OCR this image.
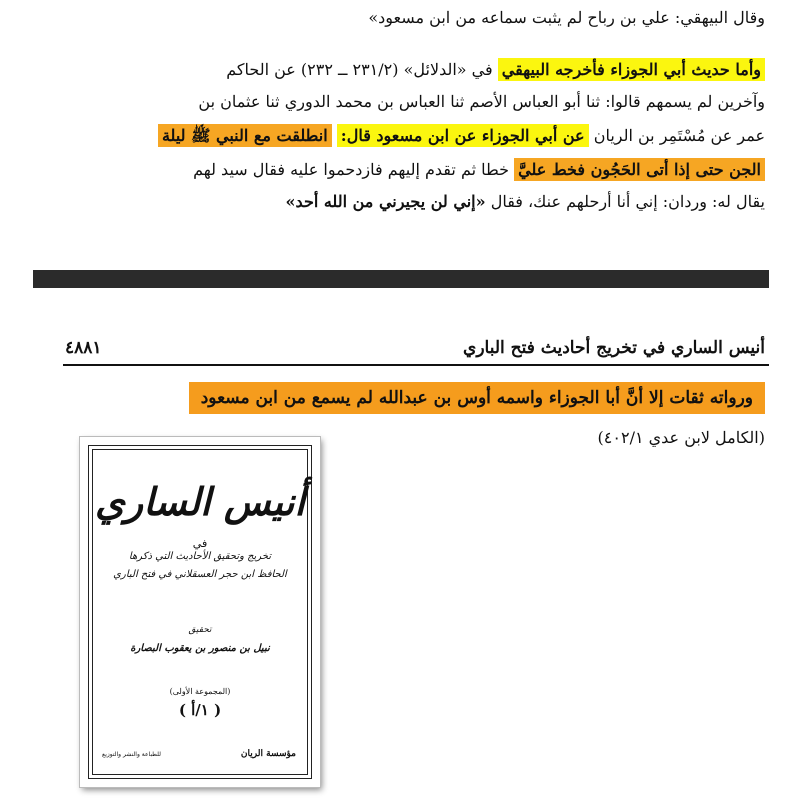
وقال البيهقي: علي بن رباح لم يثبت سماعه من ابن مسعود»
وأما حديث أبي الجوزاء فأخرجه البيهقي في «الدلائل» (٢٣١/٢ ــ ٢٣٢) عن الحاكم
وآخرين لم يسمهم قالوا: ثنا أبو العباس الأصم ثنا العباس بن محمد الدوري ثنا عثمان بن
عمر عن مُسْتَمِر بن الريان عن أبي الجوزاء عن ابن مسعود قال: انطلقت مع النبي ﷺ ليلة
الجن حتى إذا أتى الحَجُون فخط عليَّ خطا ثم تقدم إليهم فازدحموا عليه فقال سيد لهم
يقال له: وردان: إني أنا أرحلهم عنك، فقال «إني لن يجيرني من الله أحد»
أنيس الساري في تخريج أحاديث فتح الباري
٤٨٨١
ورواته ثقات إلا أنَّ أبا الجوزاء واسمه أوس بن عبدالله لم يسمع من ابن مسعود
(الكامل لابن عدي ٤٠٢/١)
أنيس الساري
في
تخريج وتحقيق الأحاديث التي ذكرها
الحافظ ابن حجر العسقلاني في فتح الباري
تحقيق
نبيل بن منصور بن يعقوب البصارة
(المجموعة الأولى)
( ١/أ )
مؤسسة الريان
للطباعة والنشر والتوزيع
